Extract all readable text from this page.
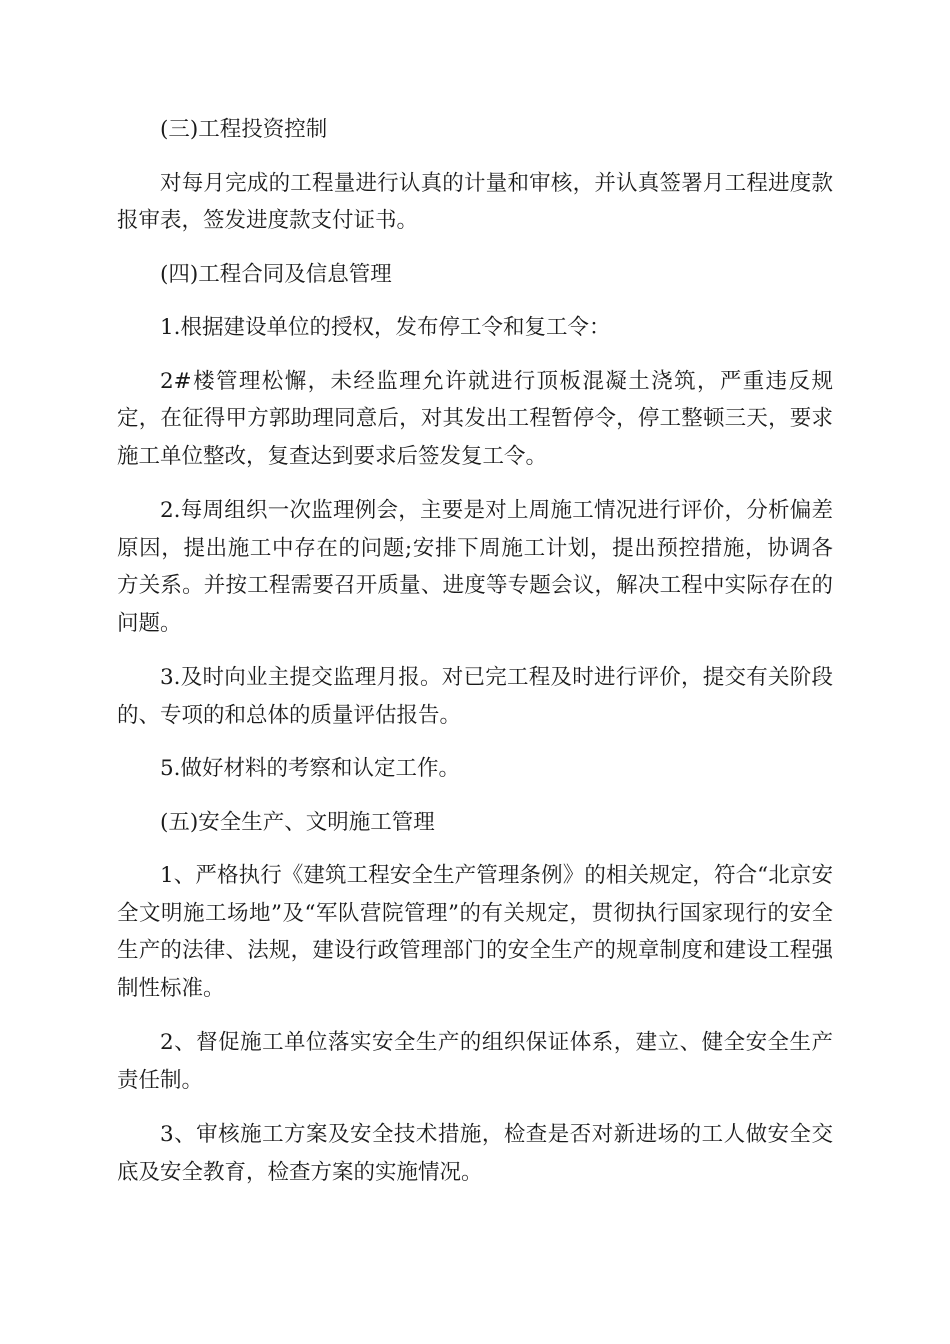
(三)工程投资控制

对每月完成的工程量进行认真的计量和审核，并认真签署月工程进度款报审表，签发进度款支付证书。

(四)工程合同及信息管理

1.根据建设单位的授权，发布停工令和复工令：

2#楼管理松懈，未经监理允许就进行顶板混凝土浇筑，严重违反规定，在征得甲方郭助理同意后，对其发出工程暂停令，停工整顿三天，要求施工单位整改，复查达到要求后签发复工令。

2.每周组织一次监理例会，主要是对上周施工情况进行评价，分析偏差原因，提出施工中存在的问题;安排下周施工计划，提出预控措施，协调各方关系。并按工程需要召开质量、进度等专题会议，解决工程中实际存在的问题。

3.及时向业主提交监理月报。对已完工程及时进行评价，提交有关阶段的、专项的和总体的质量评估报告。

5.做好材料的考察和认定工作。

(五)安全生产、文明施工管理

1、严格执行《建筑工程安全生产管理条例》的相关规定，符合“北京安全文明施工场地”及“军队营院管理”的有关规定，贯彻执行国家现行的安全生产的法律、法规，建设行政管理部门的安全生产的规章制度和建设工程强制性标准。

2、督促施工单位落实安全生产的组织保证体系，建立、健全安全生产责任制。

3、审核施工方案及安全技术措施，检查是否对新进场的工人做安全交底及安全教育，检查方案的实施情况。
